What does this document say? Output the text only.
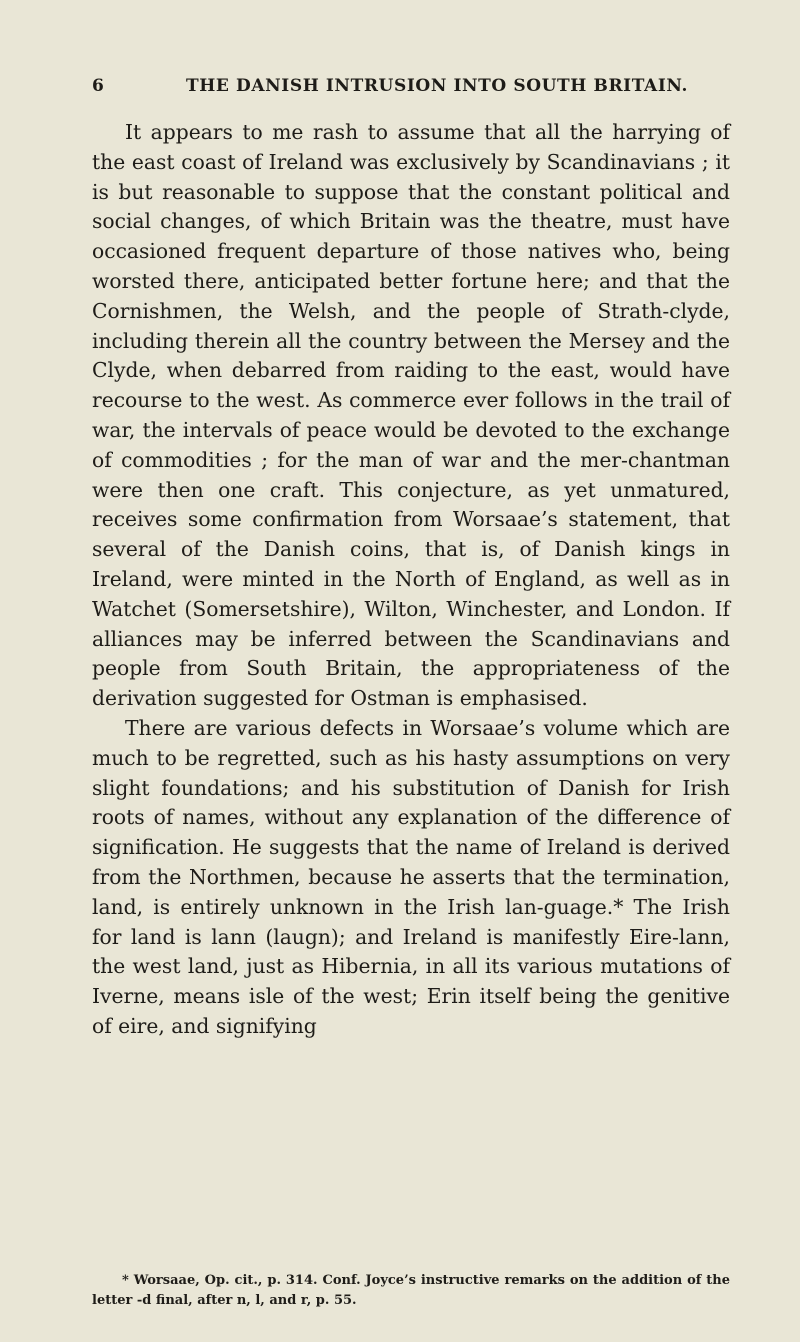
6	THE DANISH INTRUSION INTO SOUTH BRITAIN.

It appears to me rash to assume that all the harrying of the east coast of Ireland was exclusively by Scandinavians ; it is but reasonable to suppose that the constant political and social changes, of which Britain was the theatre, must have occasioned frequent departure of those natives who, being worsted there, anticipated better fortune here; and that the Cornishmen, the Welsh, and the people of Strath-clyde, including therein all the country between the Mersey and the Clyde, when debarred from raiding to the east, would have recourse to the west. As commerce ever follows in the trail of war, the intervals of peace would be devoted to the exchange of commodities ; for the man of war and the mer-chantman were then one craft. This conjecture, as yet unmatured, receives some confirmation from Worsaae’s statement, that several of the Danish coins, that is, of Danish kings in Ireland, were minted in the North of England, as well as in Watchet (Somersetshire), Wilton, Winchester, and London. If alliances may be inferred between the Scandinavians and people from South Britain, the appropriateness of the derivation suggested for Ostman is emphasised.

There are various defects in Worsaae’s volume which are much to be regretted, such as his hasty assumptions on very slight foundations; and his substitution of Danish for Irish roots of names, without any explanation of the difference of signification. He suggests that the name of Ireland is derived from the Northmen, because he asserts that the termination, land, is entirely unknown in the Irish lan-guage.* The Irish for land is lann (laugn); and Ireland is manifestly Eire-lann, the west land, just as Hibernia, in all its various mutations of Iverne, means isle of the west; Erin itself being the genitive of eire, and signifying

* Worsaae, Op. cit., p. 314. Conf. Joyce’s instructive remarks on the addition of the letter -d final, after n, l, and r, p. 55.
